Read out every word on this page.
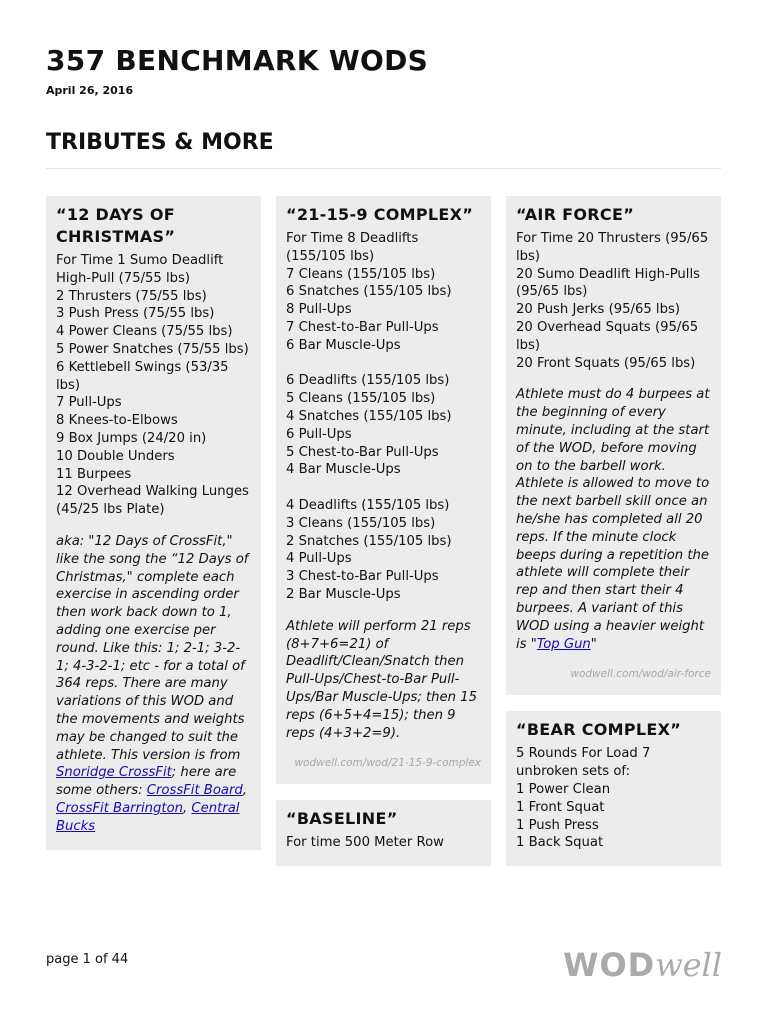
357 BENCHMARK WODS
April 26, 2016
TRIBUTES & MORE
“12 DAYS OF CHRISTMAS”
For Time 1 Sumo Deadlift High-Pull (75/55 lbs)
2 Thrusters (75/55 lbs)
3 Push Press (75/55 lbs)
4 Power Cleans (75/55 lbs)
5 Power Snatches (75/55 lbs)
6 Kettlebell Swings (53/35 lbs)
7 Pull-Ups
8 Knees-to-Elbows
9 Box Jumps (24/20 in)
10 Double Unders
11 Burpees
12 Overhead Walking Lunges (45/25 lbs Plate)
aka: "12 Days of CrossFit," like the song the “12 Days of Christmas," complete each exercise in ascending order then work back down to 1, adding one exercise per round. Like this: 1; 2-1; 3-2-1; 4-3-2-1; etc - for a total of 364 reps. There are many variations of this WOD and the movements and weights may be changed to suit the athlete. This version is from Snoridge CrossFit; here are some others: CrossFit Board, CrossFit Barrington, Central Bucks
“21-15-9 COMPLEX”
For Time 8 Deadlifts (155/105 lbs)
7 Cleans (155/105 lbs)
6 Snatches (155/105 lbs)
8 Pull-Ups
7 Chest-to-Bar Pull-Ups
6 Bar Muscle-Ups
6 Deadlifts (155/105 lbs)
5 Cleans (155/105 lbs)
4 Snatches (155/105 lbs)
6 Pull-Ups
5 Chest-to-Bar Pull-Ups
4 Bar Muscle-Ups
4 Deadlifts (155/105 lbs)
3 Cleans (155/105 lbs)
2 Snatches (155/105 lbs)
4 Pull-Ups
3 Chest-to-Bar Pull-Ups
2 Bar Muscle-Ups
Athlete will perform 21 reps (8+7+6=21) of Deadlift/Clean/Snatch then Pull-Ups/Chest-to-Bar Pull-Ups/Bar Muscle-Ups; then 15 reps (6+5+4=15); then 9 reps (4+3+2=9).
wodwell.com/wod/21-15-9-complex
“BASELINE”
For time 500 Meter Row
“AIR FORCE”
For Time 20 Thrusters (95/65 lbs)
20 Sumo Deadlift High-Pulls (95/65 lbs)
20 Push Jerks (95/65 lbs)
20 Overhead Squats (95/65 lbs)
20 Front Squats (95/65 lbs)
Athlete must do 4 burpees at the beginning of every minute, including at the start of the WOD, before moving on to the barbell work. Athlete is allowed to move to the next barbell skill once an he/she has completed all 20 reps. If the minute clock beeps during a repetition the athlete will complete their rep and then start their 4 burpees. A variant of this WOD using a heavier weight is "Top Gun"
wodwell.com/wod/air-force
“BEAR COMPLEX”
5 Rounds For Load 7 unbroken sets of:
1 Power Clean
1 Front Squat
1 Push Press
1 Back Squat
page 1 of 44	WODwell
